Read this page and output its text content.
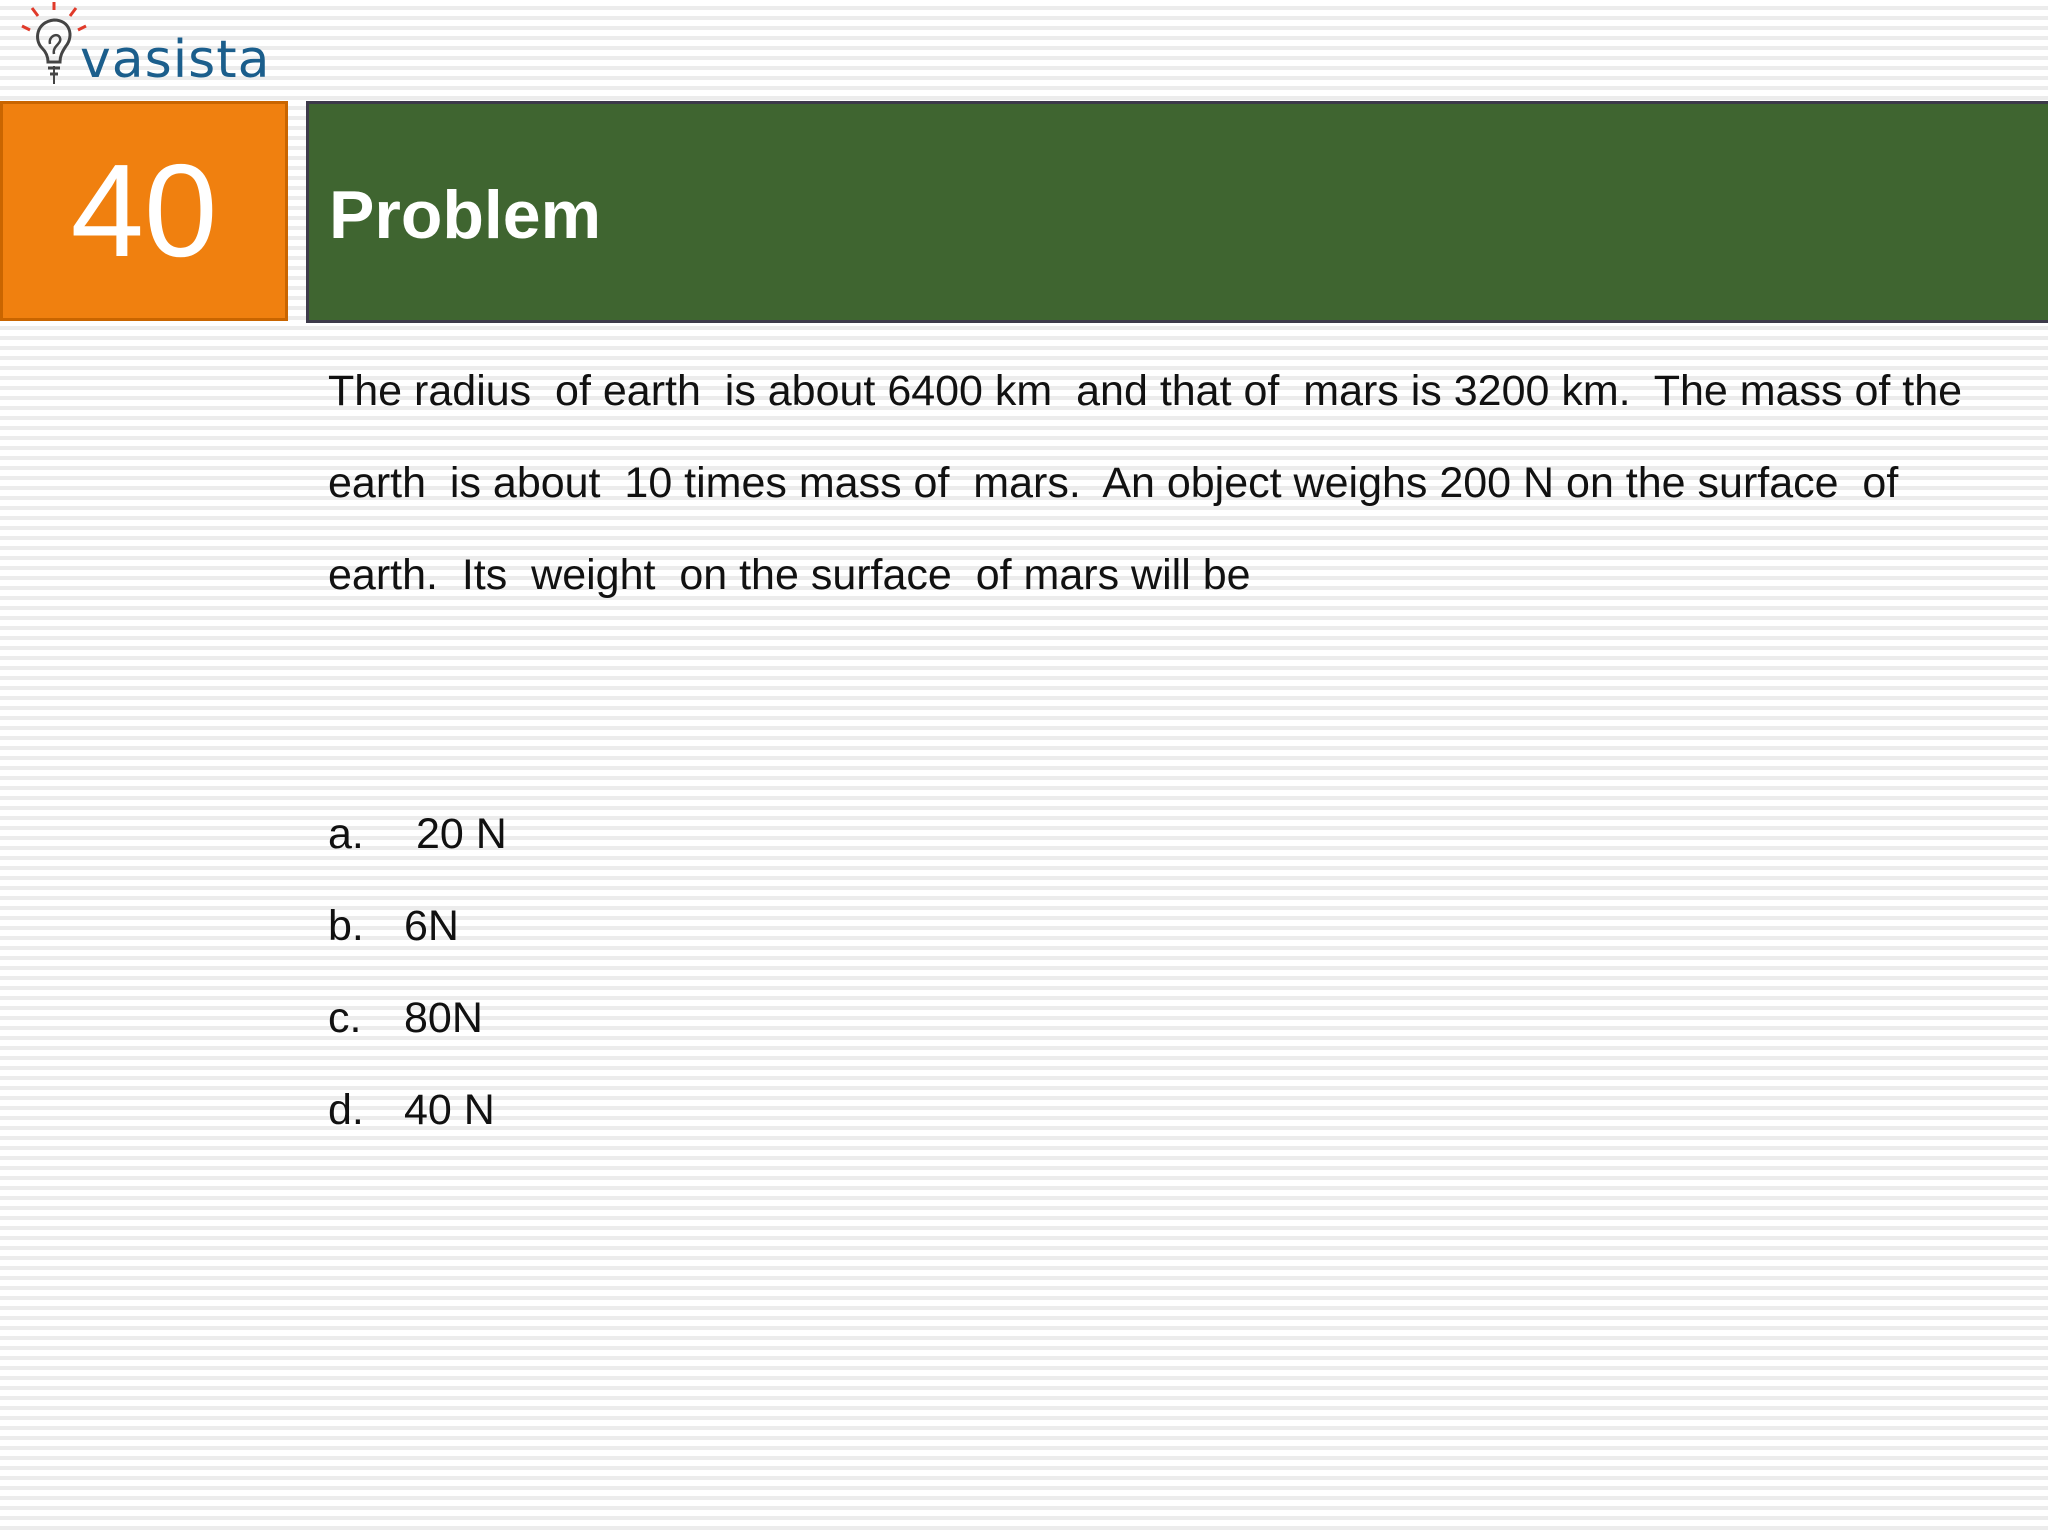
vasista
40 Problem

The radius  of earth  is about 6400 km  and that of  mars is 3200 km.  The mass of the earth  is about  10 times mass of  mars.  An object weighs 200 N on the surface  of earth.  Its  weight  on the surface  of mars will be

a. 20 N
b. 6N
c. 80N
d. 40 N
